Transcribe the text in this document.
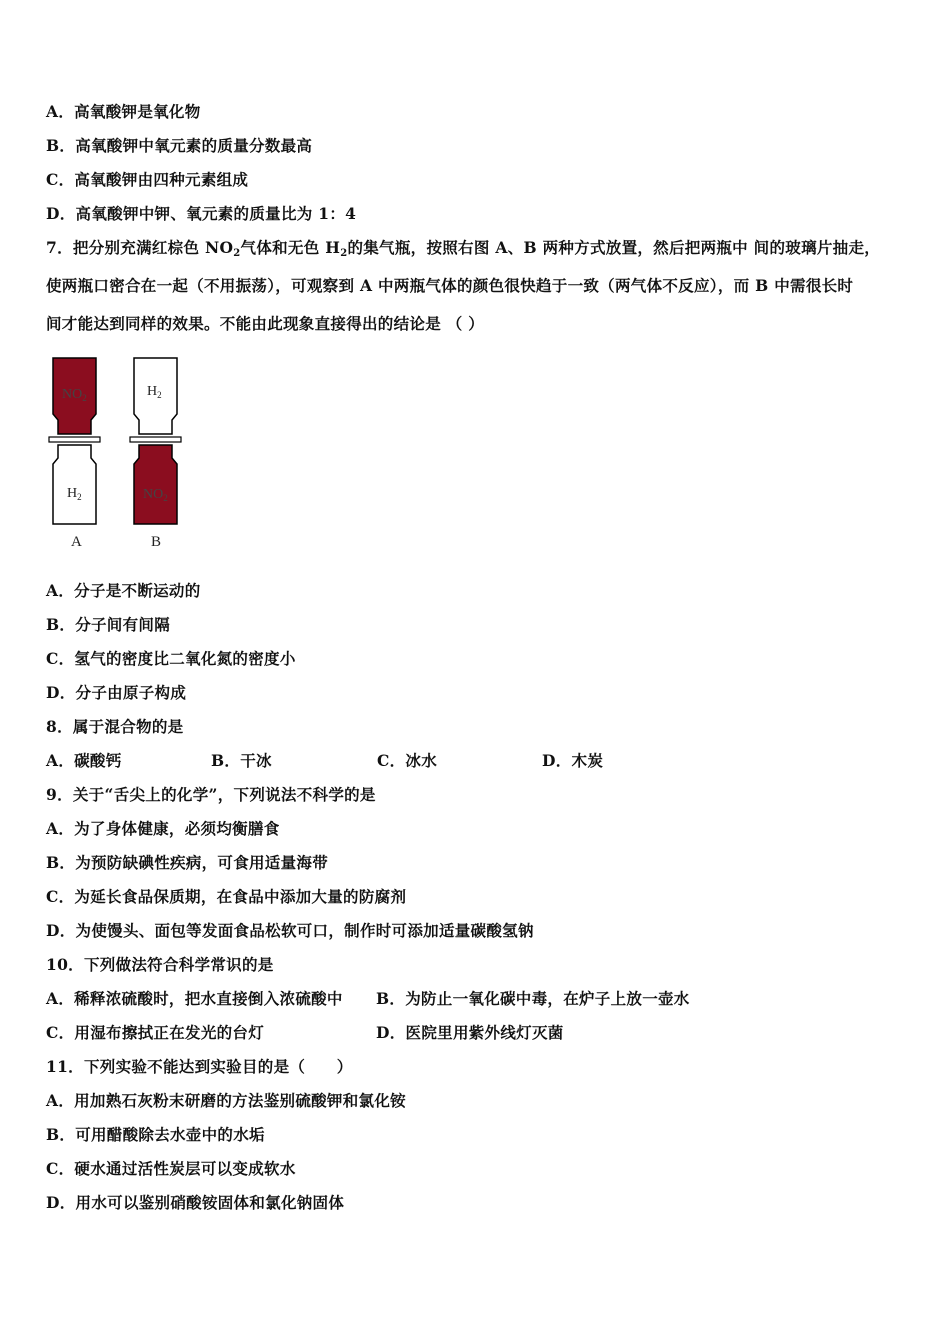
A．高氧酸钾是氧化物
B．高氧酸钾中氧元素的质量分数最高
C．高氧酸钾由四种元素组成
D．高氧酸钾中钾、氧元素的质量比为 1：4
7．把分别充满红棕色 $NO_2$气体和无色 $H_2$的集气瓶，按照右图 A、B 两种方式放置，然后把两瓶中 间的玻璃片抽走，
使两瓶口密合在一起（不用振荡），可观察到 A 中两瓶气体的颜色很快趋于一致（两气体不反应），而 B 中需很长时
间才能达到同样的效果。不能由此现象直接得出的结论是 （ ）
$NO_2$
$H_2$
A
$H_2$
$NO_2$
B
A．分子是不断运动的
B．分子间有间隔
C．氢气的密度比二氧化氮的密度小
D．分子由原子构成
8．属于混合物的是
A．碳酸钙	B．干冰	C．冰水	D．木炭
9．关于“舌尖上的化学”，下列说法不科学的是
A．为了身体健康，必须均衡膳食
B．为预防缺碘性疾病，可食用适量海带
C．为延长食品保质期，在食品中添加大量的防腐剂
D．为使馒头、面包等发面食品松软可口，制作时可添加适量碳酸氢钠
10．下列做法符合科学常识的是
A．稀释浓硫酸时，把水直接倒入浓硫酸中 B．为防止一氧化碳中毒，在炉子上放一壶水
C．用湿布擦拭正在发光的台灯	D．医院里用紫外线灯灭菌
11．下列实验不能达到实验目的是（　　）
A．用加熟石灰粉末研磨的方法鉴别硫酸钾和氯化铵
B．可用醋酸除去水壶中的水垢
C．硬水通过活性炭层可以变成软水
D．用水可以鉴别硝酸铵固体和氯化钠固体
